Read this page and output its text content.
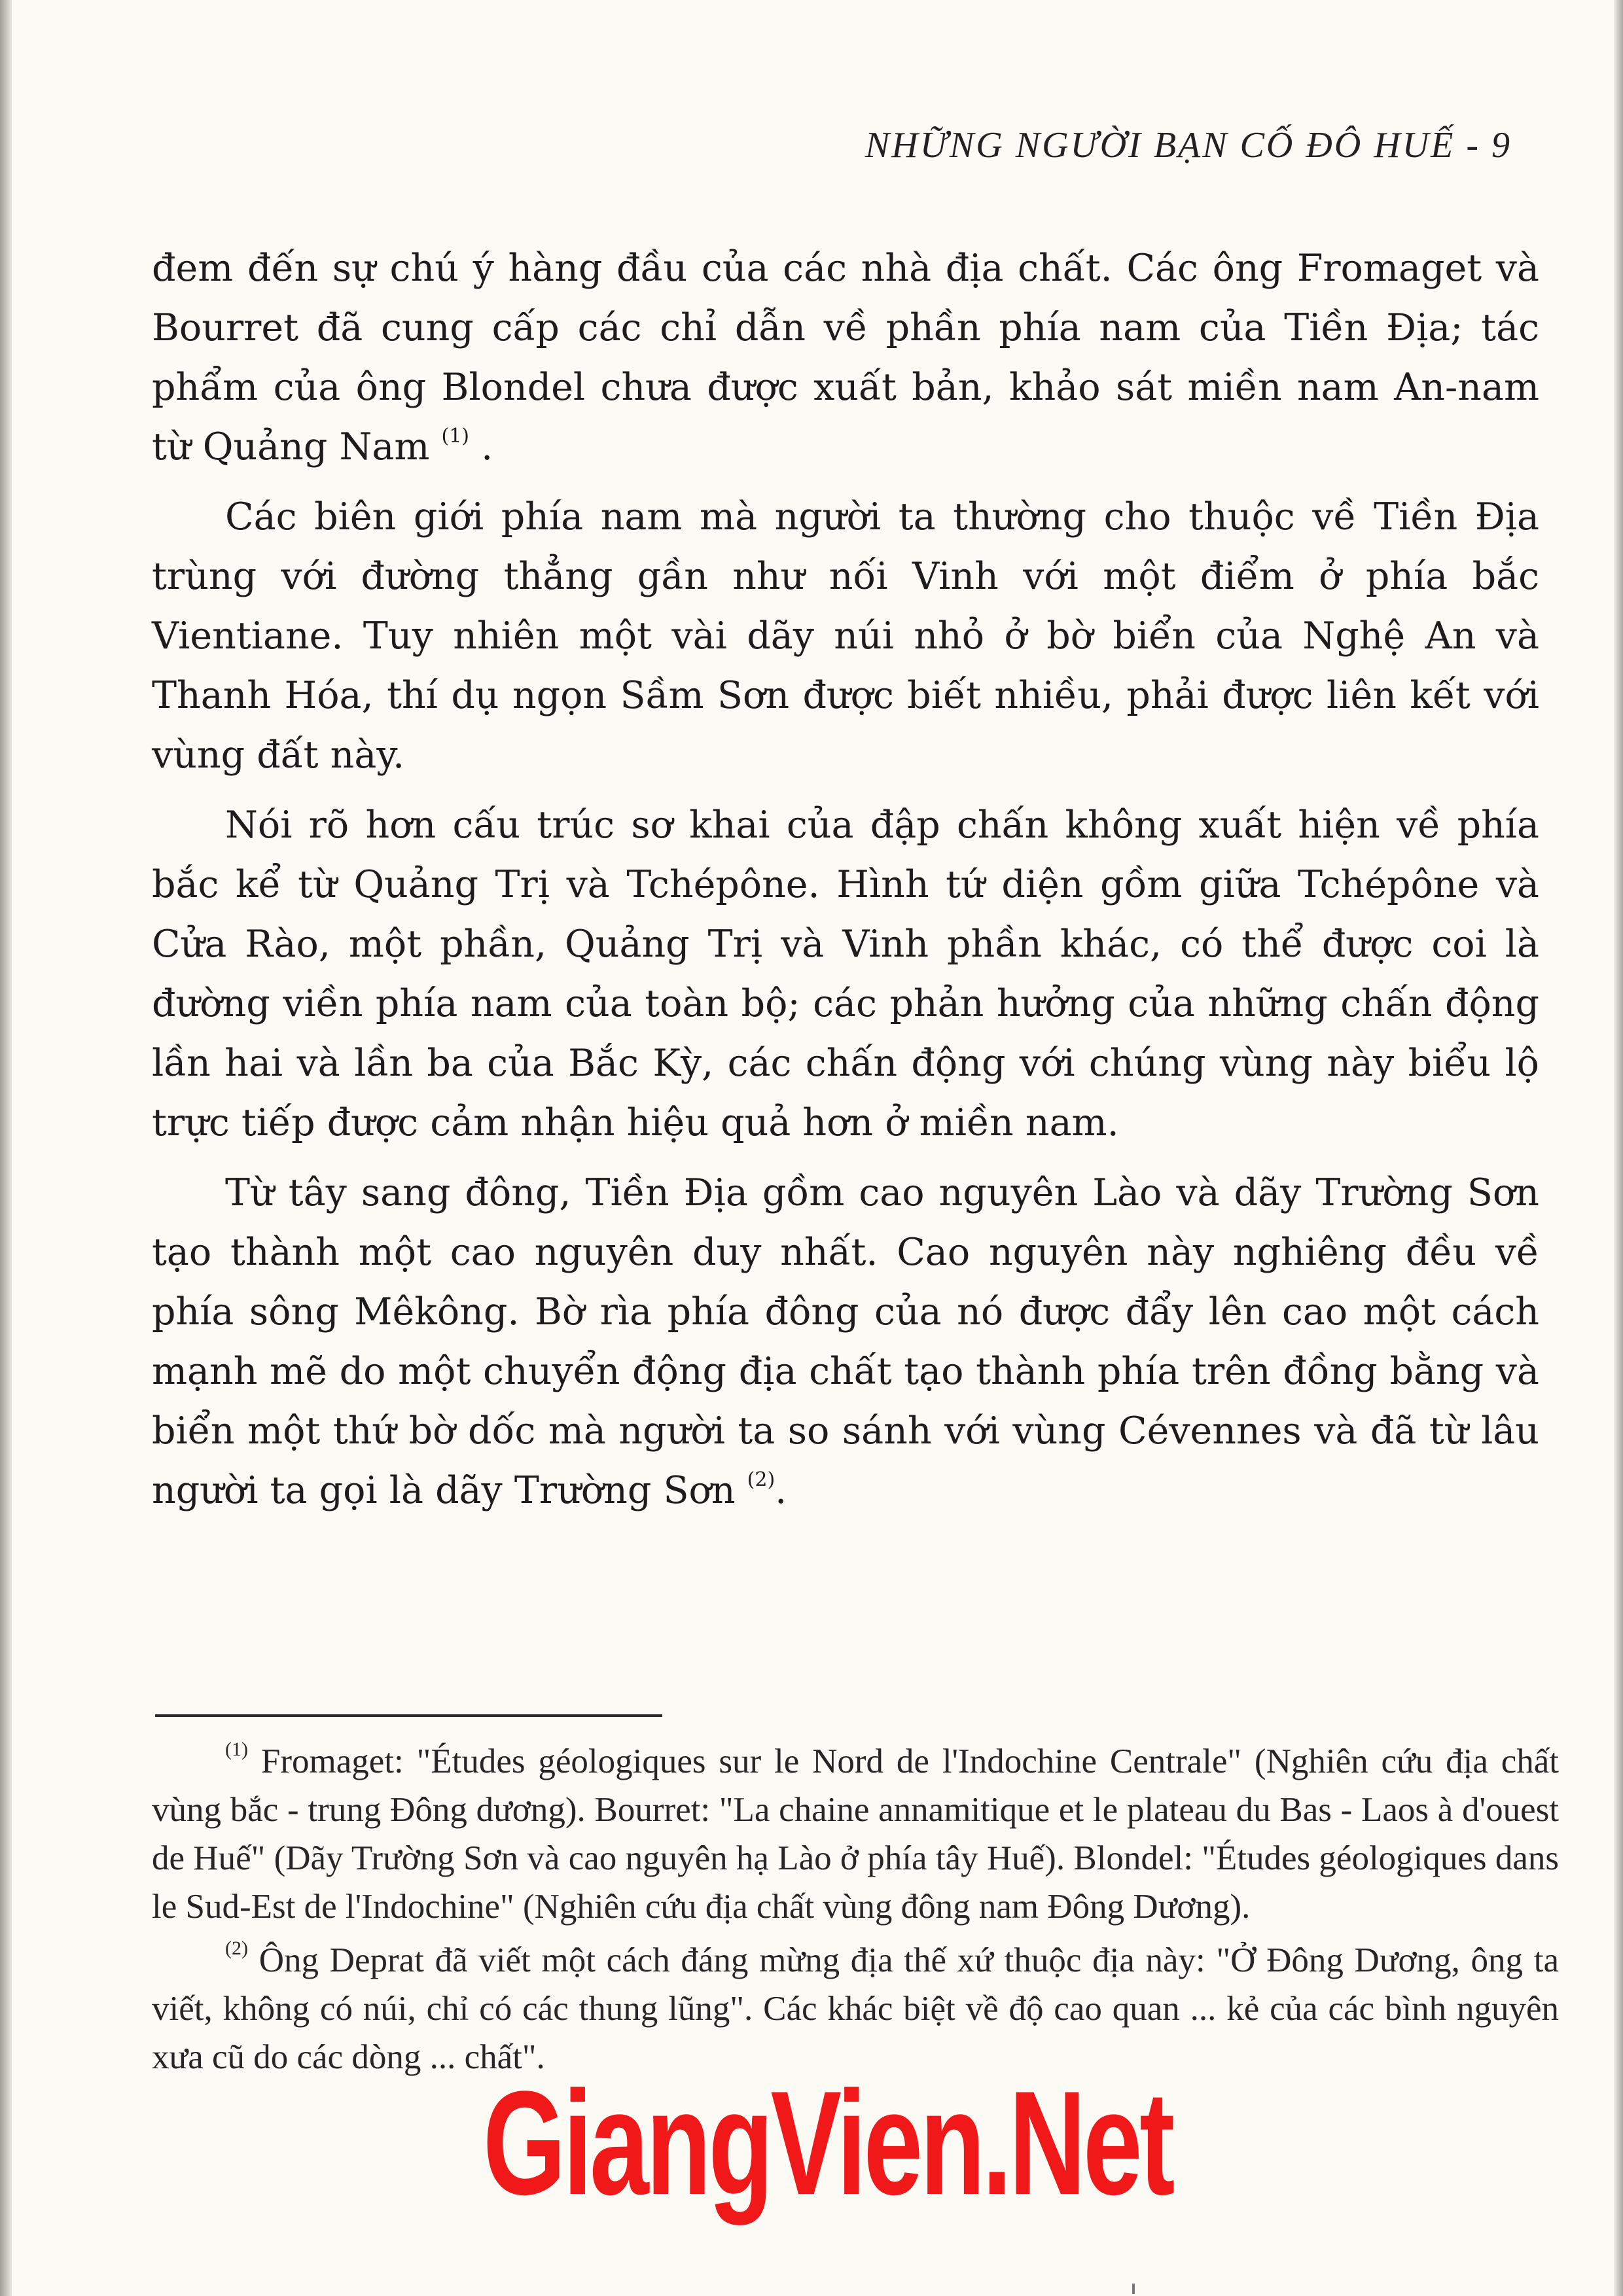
NHỮNG NGƯỜI BẠN CỐ ĐÔ HUẾ - 9

đem đến sự chú ý hàng đầu của các nhà địa chất. Các ông Fromaget và Bourret đã cung cấp các chỉ dẫn về phần phía nam của Tiền Địa; tác phẩm của ông Blondel chưa được xuất bản, khảo sát miền nam An-nam từ Quảng Nam $^{(1)}$ .

Các biên giới phía nam mà người ta thường cho thuộc về Tiền Địa trùng với đường thẳng gần như nối Vinh với một điểm ở phía bắc Vientiane. Tuy nhiên một vài dãy núi nhỏ ở bờ biển của Nghệ An và Thanh Hóa, thí dụ ngọn Sầm Sơn được biết nhiều, phải được liên kết với vùng đất này.

Nói rõ hơn cấu trúc sơ khai của đập chấn không xuất hiện về phía bắc kể từ Quảng Trị và Tchépône. Hình tứ diện gồm giữa Tchépône và Cửa Rào, một phần, Quảng Trị và Vinh phần khác, có thể được coi là đường viền phía nam của toàn bộ; các phản hưởng của những chấn động lần hai và lần ba của Bắc Kỳ, các chấn động với chúng vùng này biểu lộ trực tiếp được cảm nhận hiệu quả hơn ở miền nam.

Từ tây sang đông, Tiền Địa gồm cao nguyên Lào và dãy Trường Sơn tạo thành một cao nguyên duy nhất. Cao nguyên này nghiêng đều về phía sông Mêkông. Bờ rìa phía đông của nó được đẩy lên cao một cách mạnh mẽ do một chuyển động địa chất tạo thành phía trên đồng bằng và biển một thứ bờ dốc mà người ta so sánh với vùng Cévennes và đã từ lâu người ta gọi là dãy Trường Sơn $^{(2)}$.

$^{(1)}$ Fromaget: "Études géologiques sur le Nord de l'Indochine Centrale" (Nghiên cứu địa chất vùng bắc - trung Đông dương). Bourret: "La chaine annamitique et le plateau du Bas - Laos à d'ouest de Huế" (Dãy Trường Sơn và cao nguyên hạ Lào ở phía tây Huế). Blondel: "Études géologiques dans le Sud-Est de l'Indochine" (Nghiên cứu địa chất vùng đông nam Đông Dương).

$^{(2)}$ Ông Deprat đã viết một cách đáng mừng địa thế xứ thuộc địa này: "Ở Đông Dương, ông ta viết, không có núi, chỉ có các thung lũng". Các khác biệt về độ cao quan ... kẻ của các bình nguyên xưa cũ do các dòng ... chất".

GiangVien.Net
